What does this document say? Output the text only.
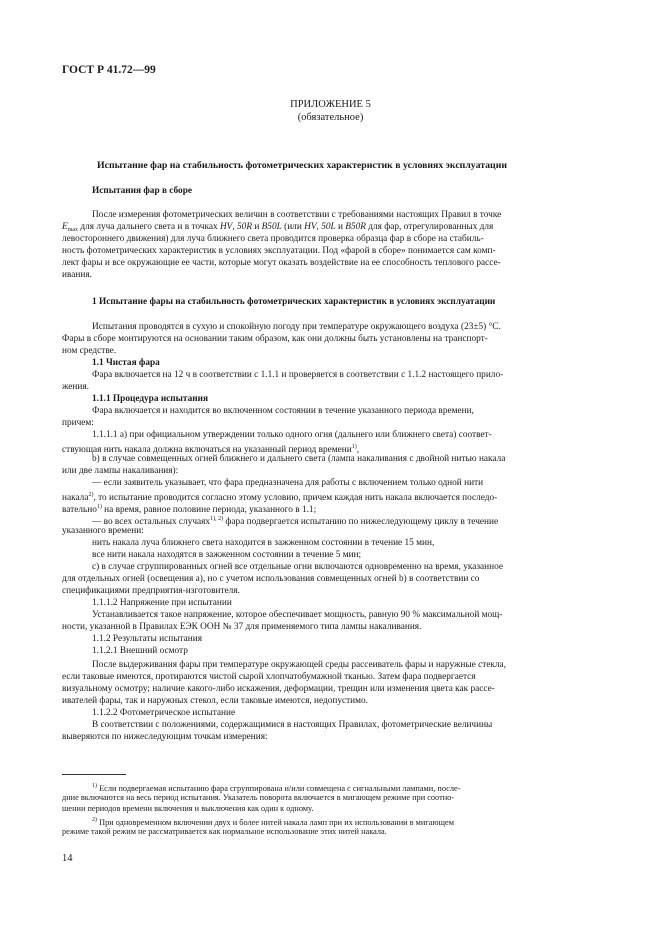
ГОСТ Р 41.72—99
ПРИЛОЖЕНИЕ 5
(обязательное)
Испытание фар на стабильность фотометрических характеристик в условиях эксплуатации
Испытания фар в сборе
После измерения фотометрических величин в соответствии с требованиями настоящих Правил в точке
$E_{max}$ для луча дальнего света и в точках HV, 50R и B50L (или HV, 50L и B50R для фар, отрегулированных для
левостороннего движения) для луча ближнего света проводится проверка образца фар в сборе на стабиль-
ность фотометрических характеристик в условиях эксплуатации. Под «фарой в сборе» понимается сам комп-
лект фары и все окружающие ее части, которые могут оказать воздействие на ее способность теплового рассе-
ивания.
1 Испытание фары на стабильность фотометрических характеристик в условиях эксплуатации
Испытания проводятся в сухую и спокойную погоду при температуре окружающего воздуха (23±5) °С.
Фары в сборе монтируются на основании таким образом, как они должны быть установлены на транспорт-
ном средстве.
1.1 Чистая фара
Фара включается на 12 ч в соответствии с 1.1.1 и проверяется в соответствии с 1.1.2 настоящего прило-
жения.
1.1.1 Процедура испытания
Фара включается и находится во включенном состоянии в течение указанного периода времени,
причем:
1.1.1.1 а) при официальном утверждении только одного огня (дальнего или ближнего света) соответ-
ствующая нить накала должна включаться на указанный период времени$^{1)}$,
b) в случае совмещенных огней ближнего и дальнего света (лампа накаливания с двойной нитью накала
или две лампы накаливания):
— если заявитель указывает, что фара предназначена для работы с включением только одной нити
накала$^{2)}$, то испытание проводится согласно этому условию, причем каждая нить накала включается последо-
вательно$^{1)}$ на время, равное половине периода, указанного в 1.1;
— во всех остальных случаях$^{1), 2)}$ фара подвергается испытанию по нижеследующему циклу в течение
указанного времени:
нить накала луча ближнего света находится в зажженном состоянии в течение 15 мин,
все нити накала находятся в зажженном состоянии в течение 5 мин;
с) в случае сгруппированных огней все отдельные огни включаются одновременно на время, указанное
для отдельных огней (освещения а), но с учетом использования совмещенных огней b) в соответствии со
спецификациями предприятия-изготовителя.
1.1.1.2 Напряжение при испытании
Устанавливается такое напряжение, которое обеспечивает мощность, равную 90 % максимальной мощ-
ности, указанной в Правилах ЕЭК ООН № 37 для применяемого типа лампы накаливания.
1.1.2 Результаты испытания
1.1.2.1 Внешний осмотр
После выдерживания фары при температуре окружающей среды рассеиватель фары и наружные стекла,
если таковые имеются, протираются чистой сырой хлопчатобумажной тканью. Затем фара подвергается
визуальному осмотру; наличие какого-либо искажения, деформации, трещин или изменения цвета как рассе-
ивателей фары, так и наружных стекол, если таковые имеются, недопустимо.
1.1.2.2 Фотометрическое испытание
В соответствии с положениями, содержащимися в настоящих Правилах, фотометрические величины
выверяются по нижеследующим точкам измерения:
$^{1)}$ Если подвергаемая испытанию фара сгруппирована и/или совмещена с сигнальными лампами, после-
дние включаются на весь период испытания. Указатель поворота включается в мигающем режиме при соотно-
шении периодов времени включения и выключения как один к одному.
$^{2)}$ При одновременном включении двух и более нитей накала ламп при их использовании в мигающем
режиме такой режим не рассматривается как нормальное использование этих нитей накала.
14
